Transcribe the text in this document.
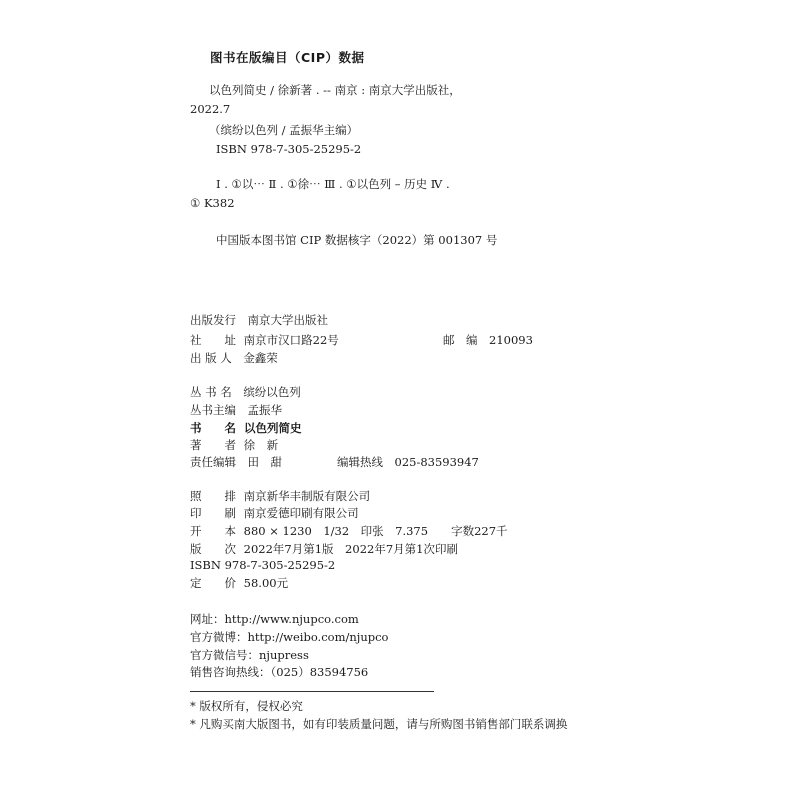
图书在版编目（CIP）数据
以色列简史 / 徐新著 . -- 南京 : 南京大学出版社，
2022.7
（缤纷以色列 / 孟振华主编）
ISBN 978-7-305-25295-2
Ⅰ . ①以⋯ Ⅱ . ①徐⋯ Ⅲ . ①以色列 – 历史 Ⅳ .
① K382
中国版本图书馆 CIP 数据核字（2022）第 001307 号
出版发行　 南京大学出版社
社 址 南京市汉口路22号	邮　编　 210093
出 版 人　 金鑫荣
丛 书 名　 缤纷以色列
丛书主编　 孟振华
书 名 以色列简史
著 者 徐　新
责任编辑　 田　甜	编辑热线　 025-83593947
照 排 南京新华丰制版有限公司
印 刷 南京爱德印刷有限公司
开 本 880 × 1230　1/32　印张　7.375　　字数227千
版 次 2022年7月第1版　2022年7月第1次印刷
ISBN 978-7-305-25295-2
定 价 58.00元
网址：http://www.njupco.com
官方微博：http://weibo.com/njupco
官方微信号：njupress
销售咨询热线：（025）83594756
* 版权所有，侵权必究
* 凡购买南大版图书，如有印装质量问题，请与所购图书销售部门联系调换
